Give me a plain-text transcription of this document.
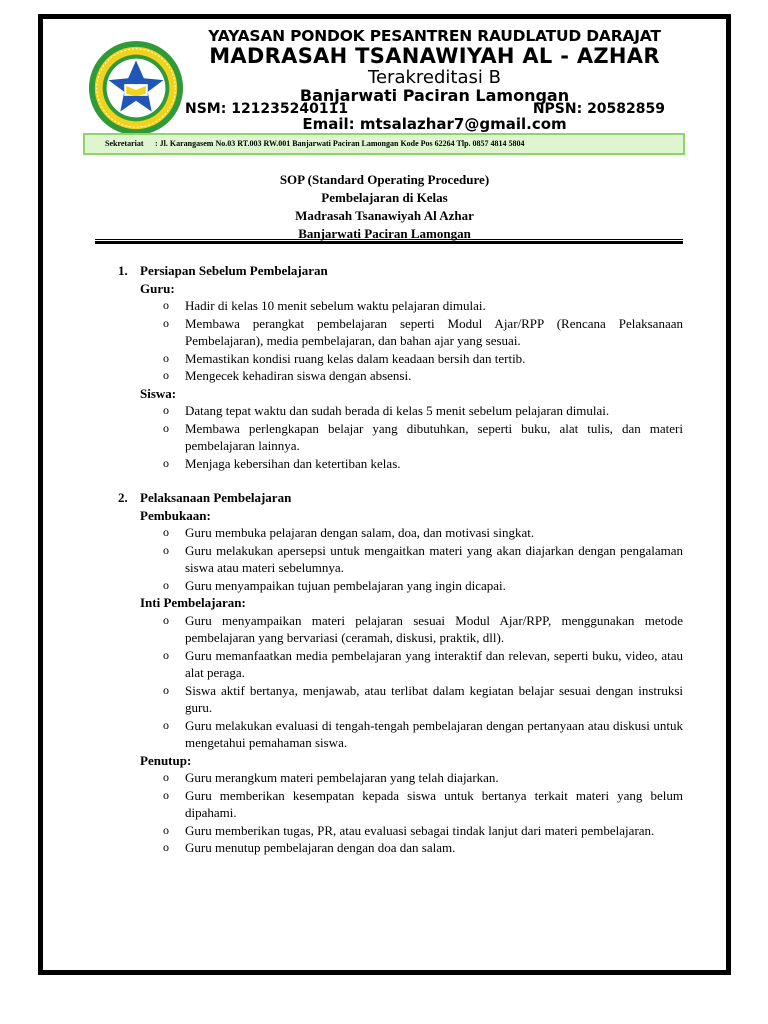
YAYASAN PONDOK PESANTREN RAUDLATUD DARAJAT
MADRASAH TSANAWIYAH AL - AZHAR
Terakreditasi B
Banjarwati Paciran Lamongan
NSM: 121235240111	NPSN: 20582859
Email: mtsalazhar7@gmail.com
Sekretariat : Jl. Karangasem No.03 RT.003 RW.001 Banjarwati Paciran Lamongan Kode Pos 62264 Tlp. 0857 4814 5804
SOP (Standard Operating Procedure)
Pembelajaran di Kelas
Madrasah Tsanawiyah Al Azhar
Banjarwati Paciran Lamongan
1. Persiapan Sebelum Pembelajaran
Guru:
o Hadir di kelas 10 menit sebelum waktu pelajaran dimulai.
o Membawa perangkat pembelajaran seperti Modul Ajar/RPP (Rencana Pelaksanaan Pembelajaran), media pembelajaran, dan bahan ajar yang sesuai.
o Memastikan kondisi ruang kelas dalam keadaan bersih dan tertib.
o Mengecek kehadiran siswa dengan absensi.
Siswa:
o Datang tepat waktu dan sudah berada di kelas 5 menit sebelum pelajaran dimulai.
o Membawa perlengkapan belajar yang dibutuhkan, seperti buku, alat tulis, dan materi pembelajaran lainnya.
o Menjaga kebersihan dan ketertiban kelas.
2. Pelaksanaan Pembelajaran
Pembukaan:
o Guru membuka pelajaran dengan salam, doa, dan motivasi singkat.
o Guru melakukan apersepsi untuk mengaitkan materi yang akan diajarkan dengan pengalaman siswa atau materi sebelumnya.
o Guru menyampaikan tujuan pembelajaran yang ingin dicapai.
Inti Pembelajaran:
o Guru menyampaikan materi pelajaran sesuai Modul Ajar/RPP, menggunakan metode pembelajaran yang bervariasi (ceramah, diskusi, praktik, dll).
o Guru memanfaatkan media pembelajaran yang interaktif dan relevan, seperti buku, video, atau alat peraga.
o Siswa aktif bertanya, menjawab, atau terlibat dalam kegiatan belajar sesuai dengan instruksi guru.
o Guru melakukan evaluasi di tengah-tengah pembelajaran dengan pertanyaan atau diskusi untuk mengetahui pemahaman siswa.
Penutup:
o Guru merangkum materi pembelajaran yang telah diajarkan.
o Guru memberikan kesempatan kepada siswa untuk bertanya terkait materi yang belum dipahami.
o Guru memberikan tugas, PR, atau evaluasi sebagai tindak lanjut dari materi pembelajaran.
o Guru menutup pembelajaran dengan doa dan salam.
